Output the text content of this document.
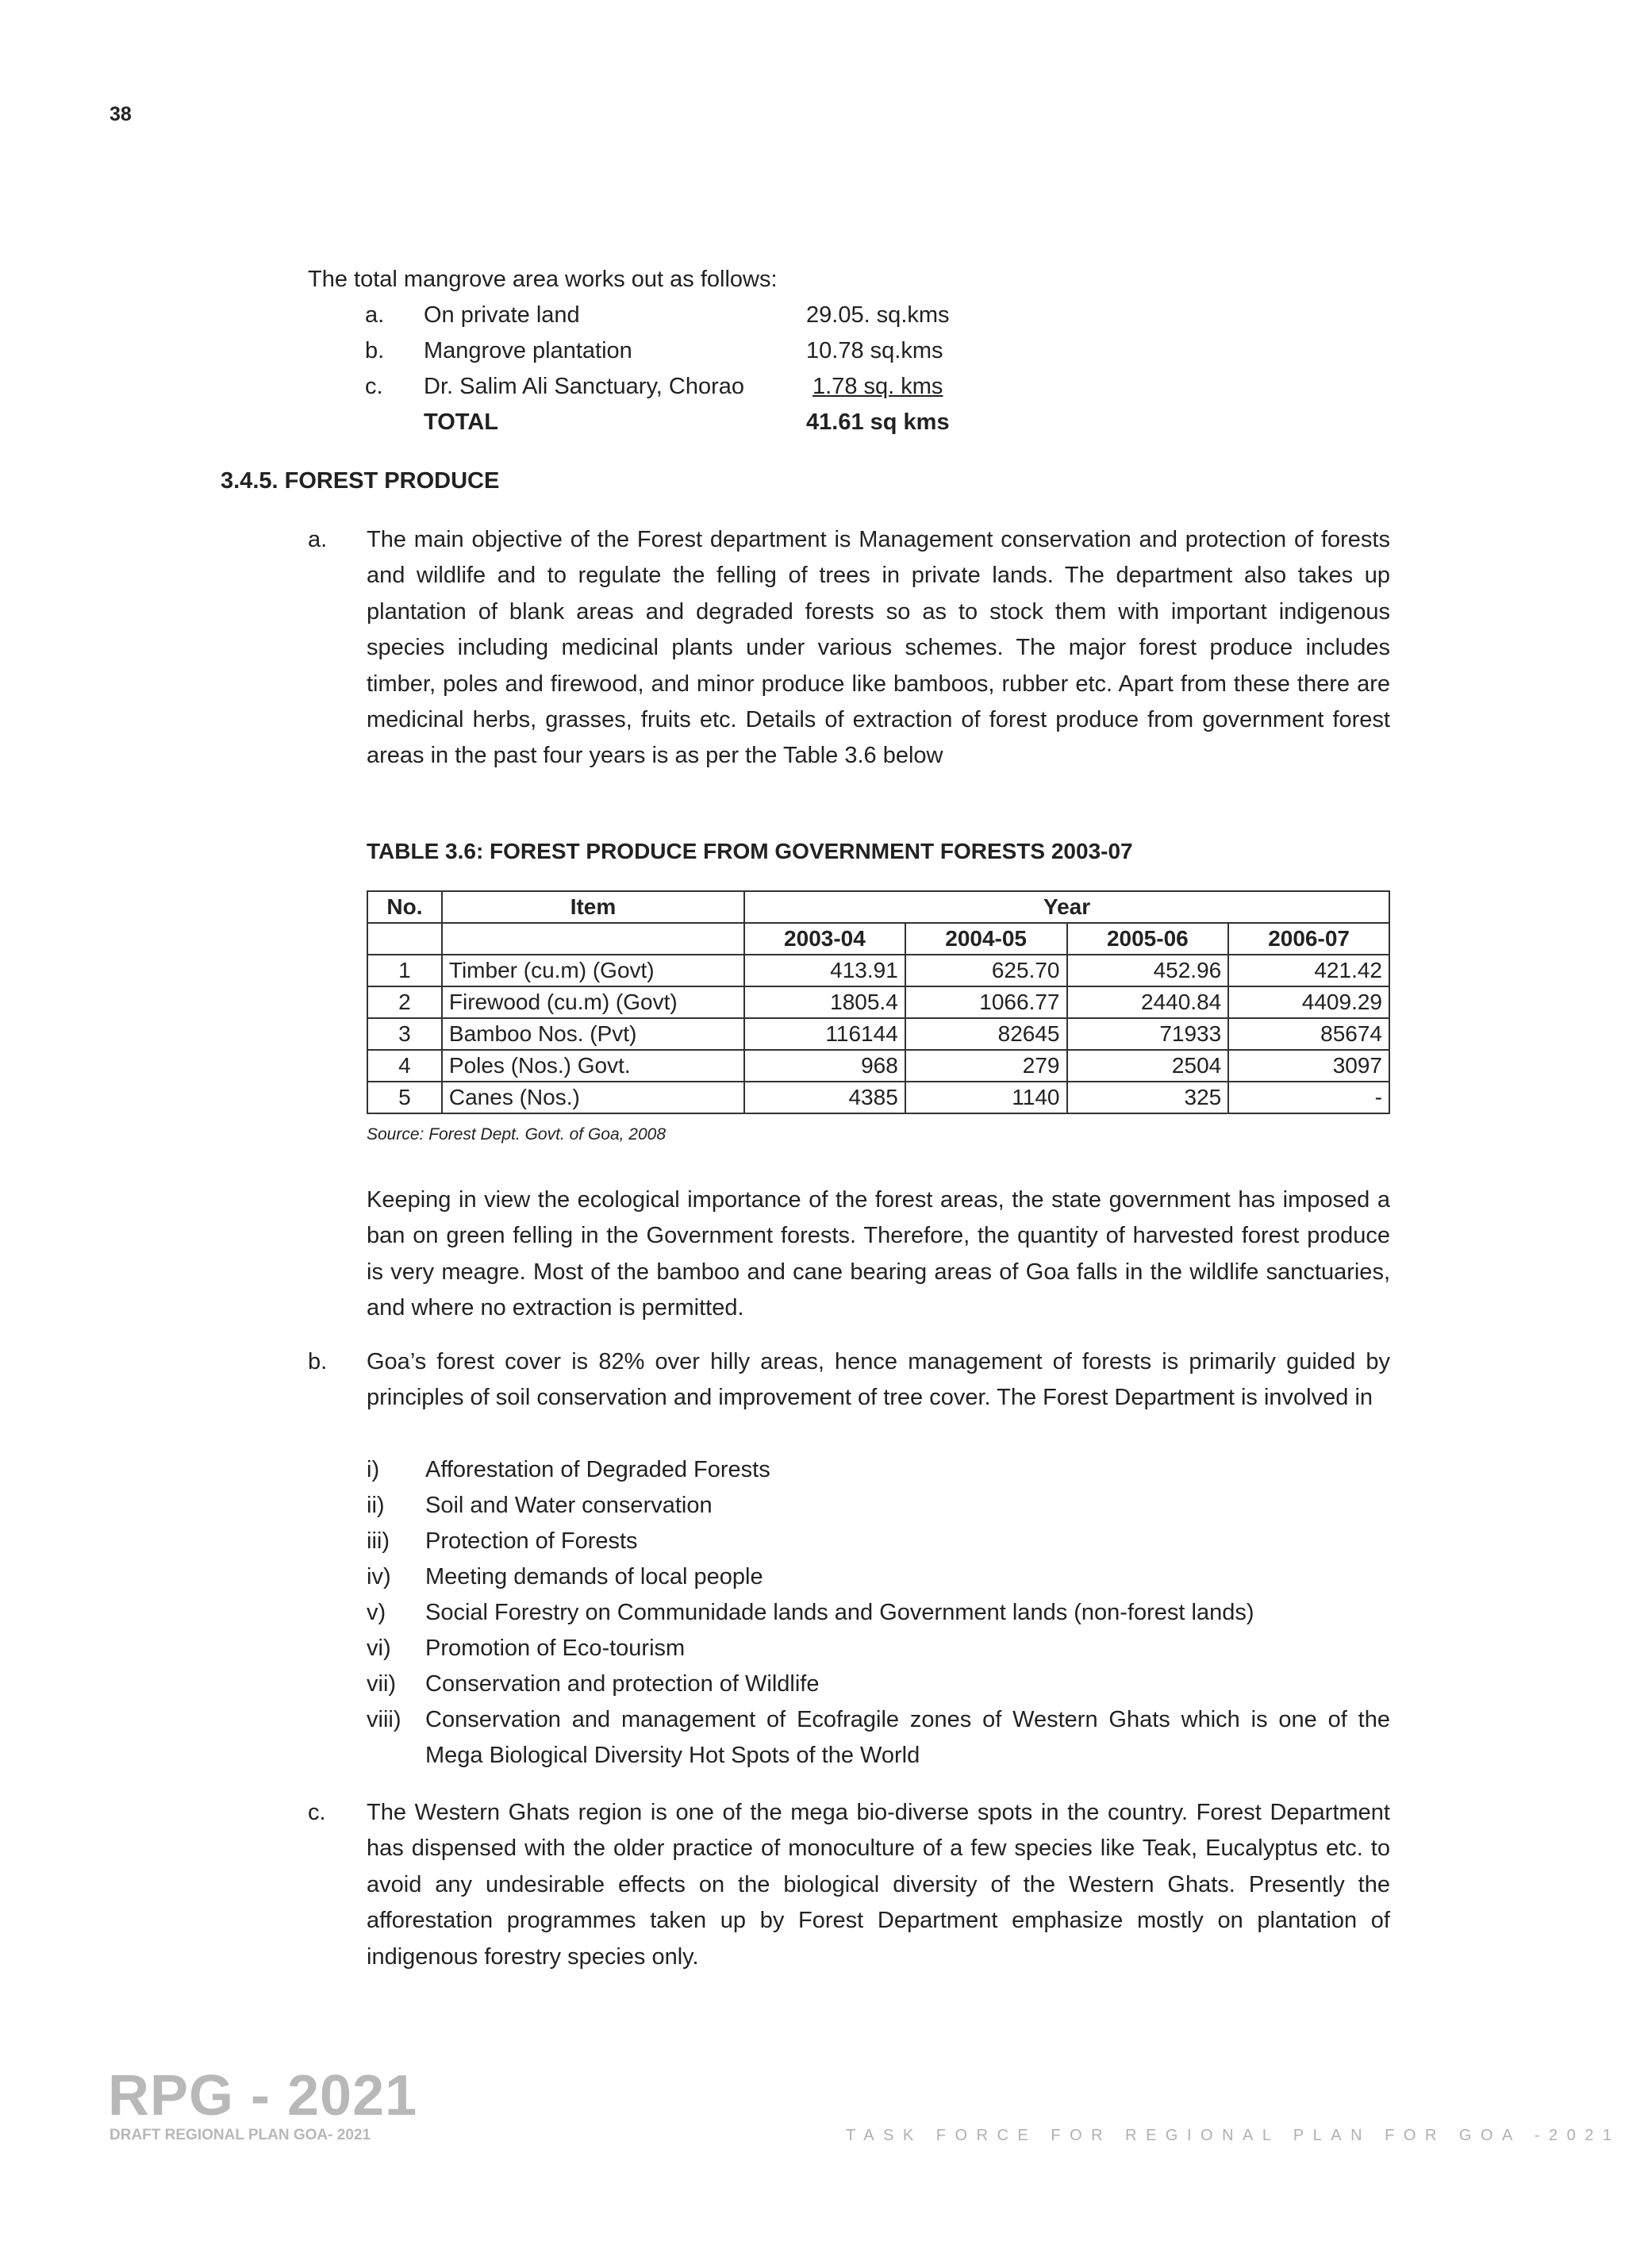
38
The total mangrove area works out as follows:
a. On private land	29.05. sq.kms
b. Mangrove plantation	10.78 sq.kms
c. Dr. Salim Ali Sanctuary, Chorao	1.78 sq. kms
TOTAL	41.61 sq kms
3.4.5. FOREST PRODUCE
a. The main objective of the Forest department is Management conservation and protection of forests and wildlife and to regulate the felling of trees in private lands. The department also takes up plantation of blank areas and degraded forests so as to stock them with important indigenous species including medicinal plants under various schemes. The major forest produce includes timber, poles and firewood, and minor produce like bamboos, rubber etc. Apart from these there are medicinal herbs, grasses, fruits etc. Details of extraction of forest produce from government forest areas in the past four years is as per the Table 3.6 below
TABLE 3.6: FOREST PRODUCE FROM GOVERNMENT FORESTS 2003-07
No.	Item	Year			
		2003-04	2004-05	2005-06	2006-07
1	Timber (cu.m) (Govt)	413.91	625.70	452.96	421.42
2	Firewood (cu.m) (Govt)	1805.4	1066.77	2440.84	4409.29
3	Bamboo Nos. (Pvt)	116144	82645	71933	85674
4	Poles (Nos.) Govt.	968	279	2504	3097
5	Canes (Nos.)	4385	1140	325	-
Source: Forest Dept. Govt. of Goa, 2008
Keeping in view the ecological importance of the forest areas, the state government has imposed a ban on green felling in the Government forests. Therefore, the quantity of harvested forest produce is very meagre. Most of the bamboo and cane bearing areas of Goa falls in the wildlife sanctuaries, and where no extraction is permitted.
b. Goa’s forest cover is 82% over hilly areas, hence management of forests is primarily guided by principles of soil conservation and improvement of tree cover. The Forest Department is involved in
i) Afforestation of Degraded Forests
ii) Soil and Water conservation
iii) Protection of Forests
iv) Meeting demands of local people
v) Social Forestry on Communidade lands and Government lands (non-forest lands)
vi) Promotion of Eco-tourism
vii) Conservation and protection of Wildlife
viii) Conservation and management of Ecofragile zones of Western Ghats which is one of the Mega Biological Diversity Hot Spots of the World
c. The Western Ghats region is one of the mega bio-diverse spots in the country. Forest Department has dispensed with the older practice of monoculture of a few species like Teak, Eucalyptus etc. to avoid any undesirable effects on the biological diversity of the Western Ghats. Presently the afforestation programmes taken up by Forest Department emphasize mostly on plantation of indigenous forestry species only.
RPG - 2021
DRAFT REGIONAL PLAN GOA- 2021	TASK FORCE FOR REGIONAL PLAN FOR GOA -2021
